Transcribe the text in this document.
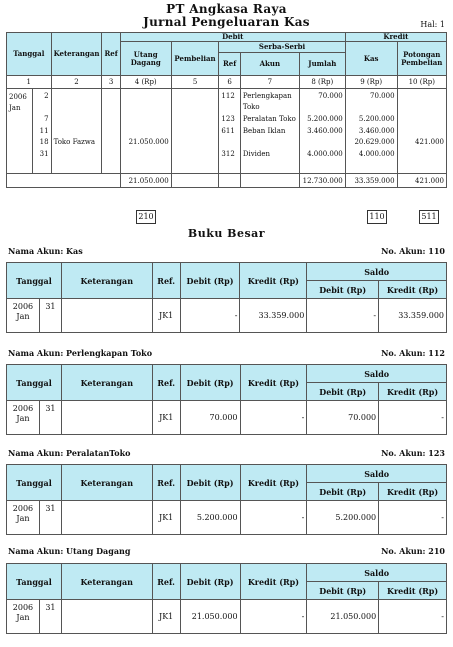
PT Angkasa Raya
Jurnal Pengeluaran Kas	Hal: 1
Tanggal		Keterangan	Ref	Debit					Kredit	
				Utang Dagang	Pembelian	Serba-Serbi			Kas	Potongan Pembelian
						Ref	Akun	Jumlah		
1		2	3	4 (Rp)	5	6	7	8 (Rp)	9 (Rp)	10 (Rp)
2006
Jan	2					112	Perlengkapan	70.000	70.000	
							Toko			
	7					123	Peralatan Toko	5.200.000	5.200.000	
	11					611	Beban Iklan	3.460.000	3.460.000	
	18	Toko Fazwa		21.050.000					20.629.000	421.000
	31					312	Dividen	4.000.000	4.000.000	

				21.050.000				12.730.000	33.359.000	421.000
210	110	511
Buku Besar
Nama Akun: Kas	No. Akun: 110
Tanggal		Keterangan	Ref.	Debit (Rp)	Kredit (Rp)	Saldo	
						Debit (Rp)	Kredit (Rp)
2006
Jan	31		JK1	-	33.359.000	-	33.359.000
Nama Akun: Perlengkapan Toko	No. Akun: 112
Tanggal		Keterangan	Ref.	Debit (Rp)	Kredit (Rp)	Saldo	
						Debit (Rp)	Kredit (Rp)
2006
Jan	31		JK1	70.000	-	70.000	-
Nama Akun: PeralatanToko	No. Akun: 123
Tanggal		Keterangan	Ref.	Debit (Rp)	Kredit (Rp)	Saldo	
						Debit (Rp)	Kredit (Rp)
2006
Jan	31		JK1	5.200.000	-	5.200.000	-
Nama Akun: Utang Dagang	No. Akun: 210
Tanggal		Keterangan	Ref.	Debit (Rp)	Kredit (Rp)	Saldo	
						Debit (Rp)	Kredit (Rp)
2006
Jan	31		JK1	21.050.000	-	21.050.000	-
